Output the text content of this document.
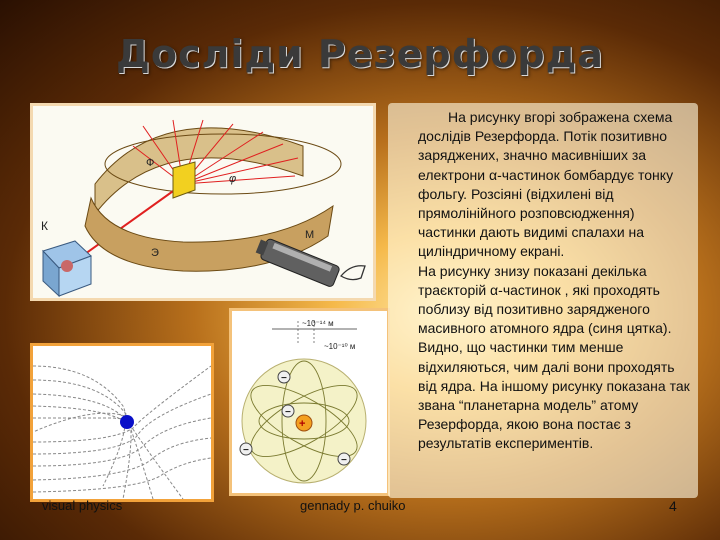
Досліди Резерфорда
К
Ф
Э
М
φ
~10⁻¹⁴ м
~10⁻¹⁰ м
+
−
−
−
−

На рисунку вгорі зображена схема дослідів Резерфорда. Потік позитивно заряджених, значно масивніших за електрони α-частинок бомбардує тонку фольгу. Розсіяні (відхилені від прямолінійного розповсюдження) частинки дають видимі спалахи на циліндричному екрані.

На рисунку знизу показані декілька траєкторій α-частинок , які проходять поблизу від позитивно зарядженого масивного атомного ядра (синя цятка). Видно, що частинки тим менше відхиляються, чим далі вони проходять від ядра. На іншому рисунку показана так звана “планетарна модель” атому Резерфорда, якою вона постає з результатів експериментів.

visual physics	gennady p. chuiko	4
